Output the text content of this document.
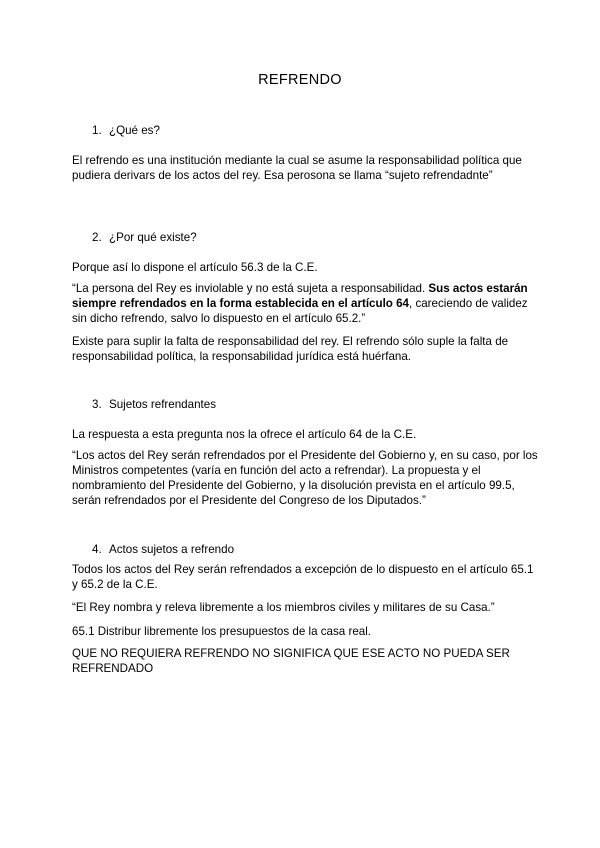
REFRENDO
1. ¿Qué es?
El refrendo es una institución mediante la cual se asume la responsabilidad política que pudiera derivars de los actos del rey. Esa perosona se llama “sujeto refrendadnte”
2. ¿Por qué existe?
Porque así lo dispone el artículo 56.3 de la C.E.
“La persona del Rey es inviolable y no está sujeta a responsabilidad. Sus actos estarán siempre refrendados en la forma establecida en el artículo 64, careciendo de validez sin dicho refrendo, salvo lo dispuesto en el artículo 65.2.”
Existe para suplir la falta de responsabilidad del rey. El refrendo sólo suple la falta de responsabilidad política, la responsabilidad jurídica está huérfana.
3. Sujetos refrendantes
La respuesta a esta pregunta nos la ofrece el artículo 64 de la C.E.
“Los actos del Rey serán refrendados por el Presidente del Gobierno y, en su caso, por los Ministros competentes (varía en función del acto a refrendar). La propuesta y el nombramiento del Presidente del Gobierno, y la disolución prevista en el artículo 99.5, serán refrendados por el Presidente del Congreso de los Diputados.”
4. Actos sujetos a refrendo
Todos los actos del Rey serán refrendados a excepción de lo dispuesto en el artículo 65.1 y 65.2 de la C.E.
“El Rey nombra y releva libremente a los miembros civiles y militares de su Casa.”
65.1 Distribur libremente los presupuestos de la casa real.
QUE NO REQUIERA REFRENDO NO SIGNIFICA QUE ESE ACTO NO PUEDA SER REFRENDADO
